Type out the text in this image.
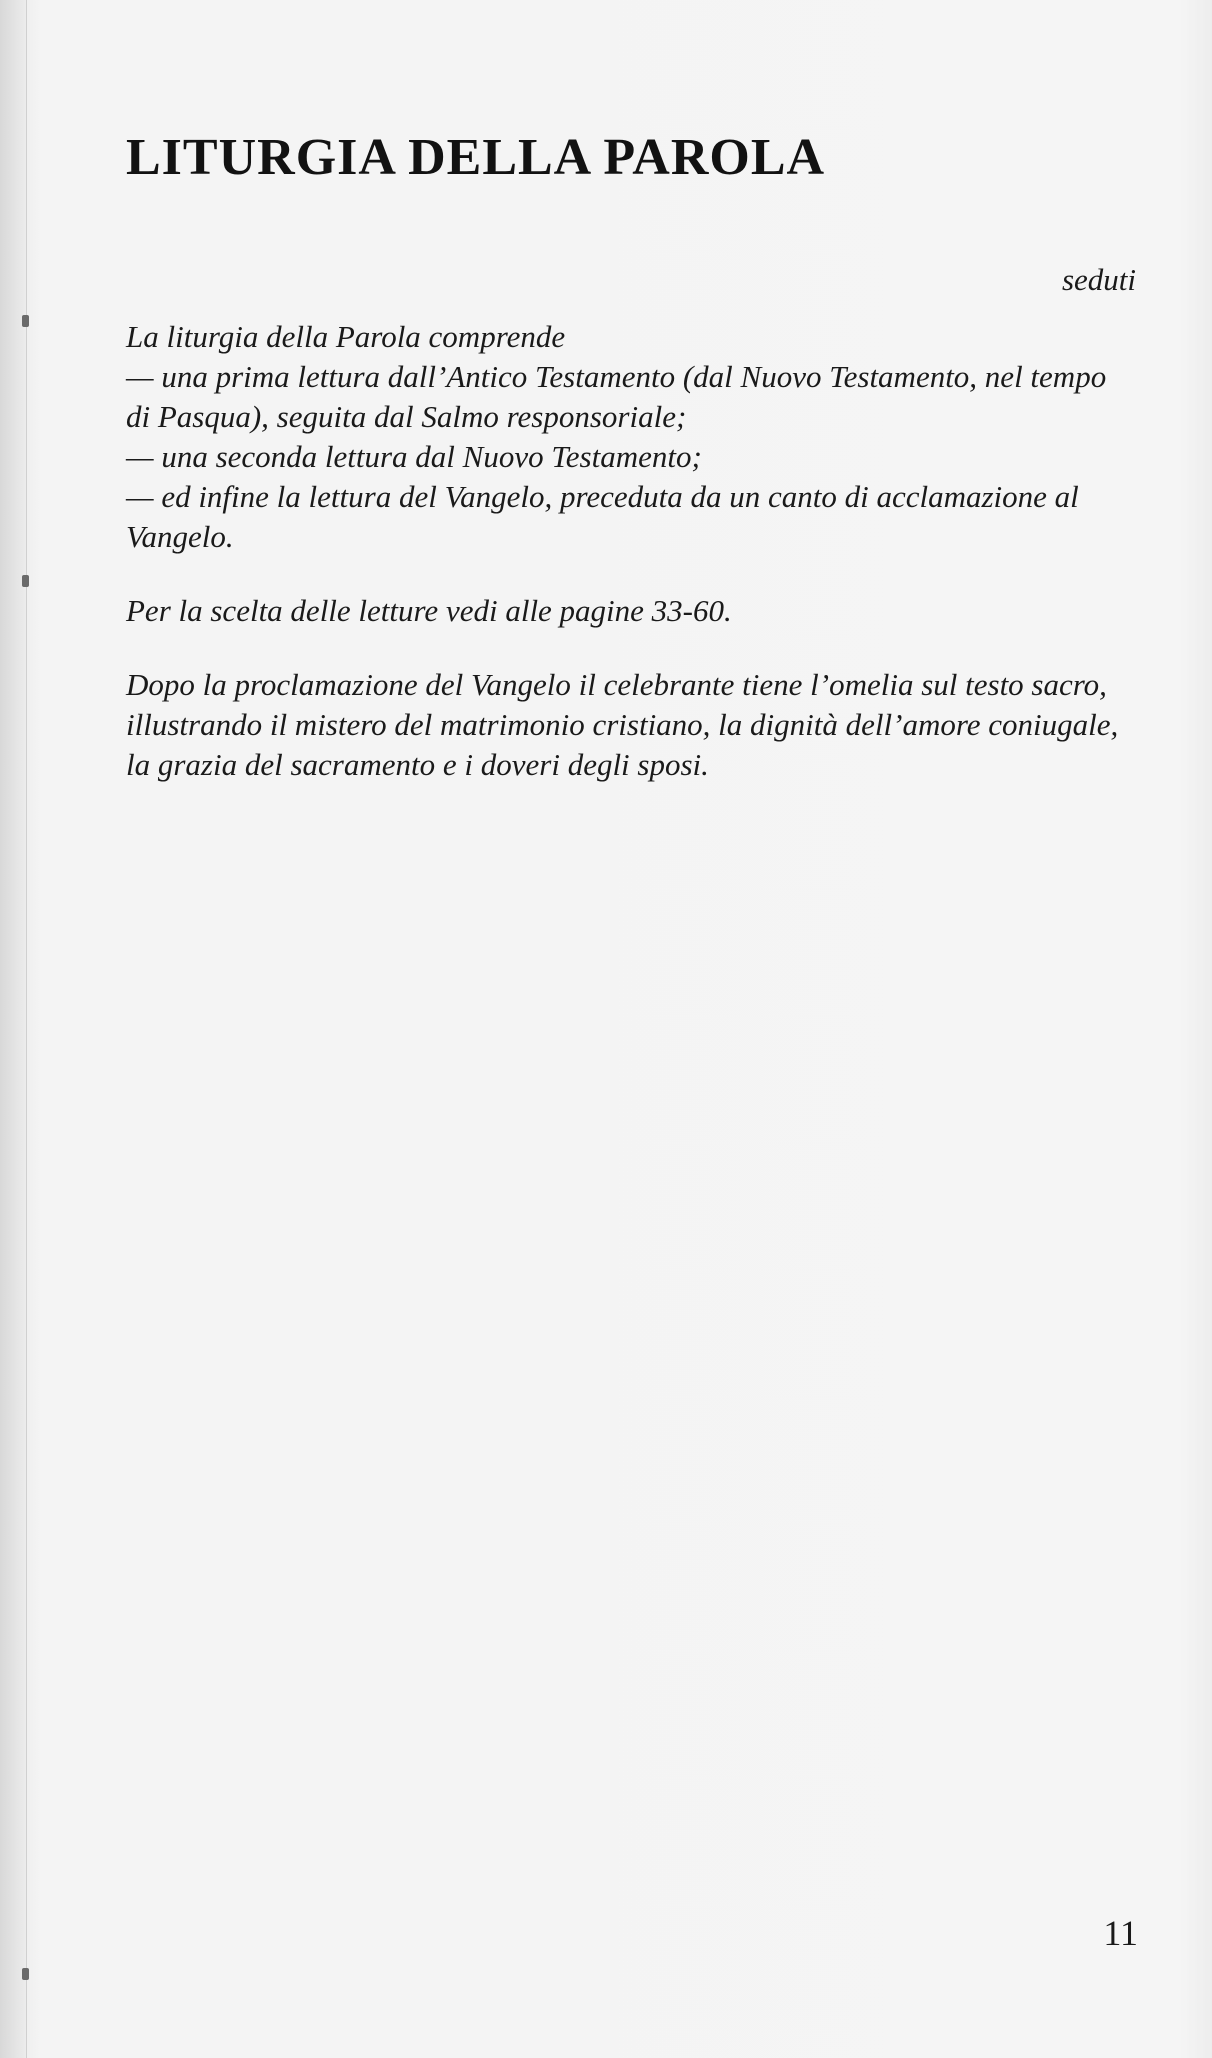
LITURGIA DELLA PAROLA
seduti

La liturgia della Parola comprende

— una prima lettura dall’Antico Testamento (dal Nuovo Testamento, nel tempo di Pasqua), seguita dal Salmo responsoriale;

— una seconda lettura dal Nuovo Testamento;

— ed infine la lettura del Vangelo, preceduta da un canto di acclamazione al Vangelo.

Per la scelta delle letture vedi alle pagine 33-60.

Dopo la proclamazione del Vangelo il celebrante tiene l’omelia sul testo sacro, illustrando il mistero del matrimonio cristiano, la dignità dell’amore coniugale, la grazia del sacramento e i doveri degli sposi.

11
